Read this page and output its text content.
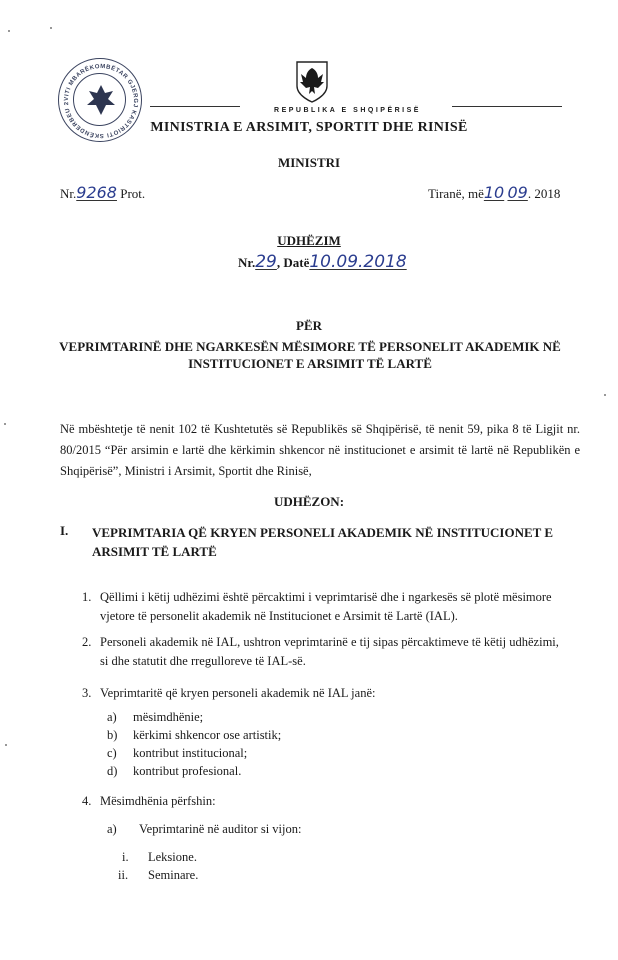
VITI MBARËKOMBËTAR GJERGJ KASTRIOTI SKËNDERBEU 2
REPUBLIKA E SHQIPËRISË
MINISTRIA E ARSIMIT, SPORTIT DHE RINISË
MINISTRI
Nr.9268 Prot.	Tiranë, më10 09. 2018
UDHËZIM
Nr.29, Datë10.09.2018
PËR
VEPRIMTARINË DHE NGARKESËN MËSIMORE TË PERSONELIT AKADEMIK NË INSTITUCIONET E ARSIMIT TË LARTË
Në mbështetje të nenit 102 të Kushtetutës së Republikës së Shqipërisë, të nenit 59, pika 8 të Ligjit nr. 80/2015 “Për arsimin e lartë dhe kërkimin shkencor në institucionet e arsimit të lartë në Republikën e Shqipërisë”, Ministri i Arsimit, Sportit dhe Rinisë,
UDHËZON:
I. VEPRIMTARIA QË KRYEN PERSONELI AKADEMIK NË INSTITUCIONET E ARSIMIT TË LARTË
1. Qëllimi i këtij udhëzimi është përcaktimi i veprimtarisë dhe i ngarkesës së plotë mësimore
vjetore të personelit akademik në Institucionet e Arsimit të Lartë (IAL).
2. Personeli akademik në IAL, ushtron veprimtarinë e tij sipas përcaktimeve të këtij udhëzimi,
si dhe statutit dhe rregulloreve të IAL-së.
3. Veprimtaritë që kryen personeli akademik në IAL janë:
a) mësimdhënie;
b) kërkimi shkencor ose artistik;
c) kontribut institucional;
d) kontribut profesional.
4. Mësimdhënia përfshin:
a) Veprimtarinë në auditor si vijon:
i. Leksione.
ii. Seminare.
